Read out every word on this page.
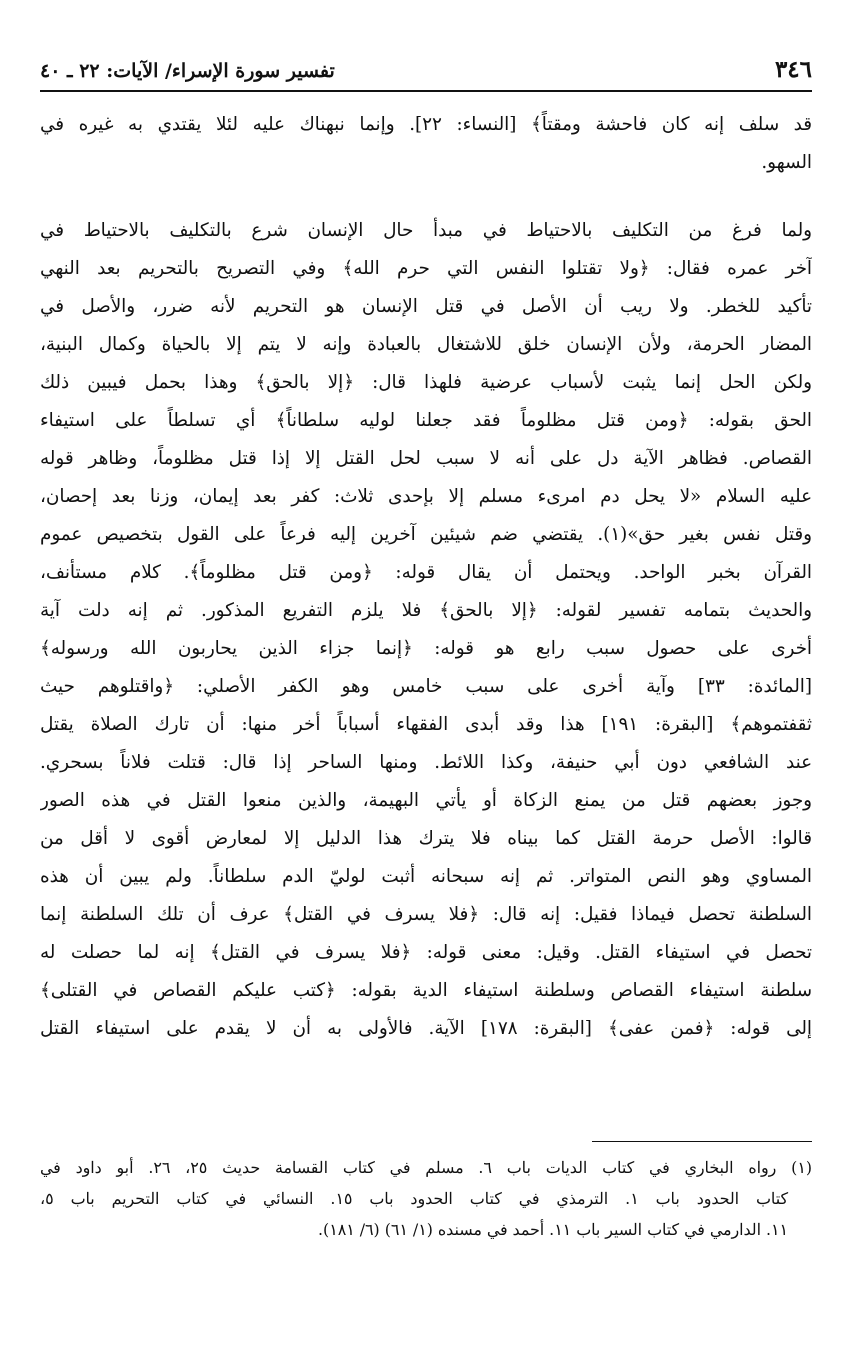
٣٤٦
تفسير سورة الإسراء/ الآيات: ٢٢ ـ ٤٠
قد سلف إنه كان فاحشة ومقتاً﴾ [النساء: ٢٢]. وإنما نبهناك عليه لئلا يقتدي به غيره في
السهو.
ولما فرغ من التكليف بالاحتياط في مبدأ حال الإنسان شرع بالتكليف بالاحتياط في
آخر عمره فقال: ﴿ولا تقتلوا النفس التي حرم الله﴾ وفي التصريح بالتحريم بعد النهي
تأكيد للخطر. ولا ريب أن الأصل في قتل الإنسان هو التحريم لأنه ضرر، والأصل في
المضار الحرمة، ولأن الإنسان خلق للاشتغال بالعبادة وإنه لا يتم إلا بالحياة وكمال البنية،
ولكن الحل إنما يثبت لأسباب عرضية فلهذا قال: ﴿إلا بالحق﴾ وهذا بحمل فيبين ذلك
الحق بقوله: ﴿ومن قتل مظلوماً فقد جعلنا لوليه سلطاناً﴾ أي تسلطاً على استيفاء
القصاص. فظاهر الآية دل على أنه لا سبب لحل القتل إلا إذا قتل مظلوماً، وظاهر قوله
عليه السلام «لا يحل دم امرىء مسلم إلا بإحدى ثلاث: كفر بعد إيمان، وزنا بعد إحصان،
وقتل نفس بغير حق»(١). يقتضي ضم شيئين آخرين إليه فرعاً على القول بتخصيص عموم
القرآن بخبر الواحد. ويحتمل أن يقال قوله: ﴿ومن قتل مظلوماً﴾. كلام مستأنف،
والحديث بتمامه تفسير لقوله: ﴿إلا بالحق﴾ فلا يلزم التفريع المذكور. ثم إنه دلت آية
أخرى على حصول سبب رابع هو قوله: ﴿إنما جزاء الذين يحاربون الله ورسوله﴾
[المائدة: ٣٣] وآية أخرى على سبب خامس وهو الكفر الأصلي: ﴿واقتلوهم حيث
ثقفتموهم﴾ [البقرة: ١٩١] هذا وقد أبدى الفقهاء أسباباً أخر منها: أن تارك الصلاة يقتل
عند الشافعي دون أبي حنيفة، وكذا اللائط. ومنها الساحر إذا قال: قتلت فلاناً بسحري.
وجوز بعضهم قتل من يمنع الزكاة أو يأتي البهيمة، والذين منعوا القتل في هذه الصور
قالوا: الأصل حرمة القتل كما بيناه فلا يترك هذا الدليل إلا لمعارض أقوى لا أقل من
المساوي وهو النص المتواتر. ثم إنه سبحانه أثبت لوليّ الدم سلطاناً. ولم يبين أن هذه
السلطنة تحصل فيماذا فقيل: إنه قال: ﴿فلا يسرف في القتل﴾ عرف أن تلك السلطنة إنما
تحصل في استيفاء القتل. وقيل: معنى قوله: ﴿فلا يسرف في القتل﴾ إنه لما حصلت له
سلطنة استيفاء القصاص وسلطنة استيفاء الدية بقوله: ﴿كتب عليكم القصاص في القتلى﴾
إلى قوله: ﴿فمن عفى﴾ [البقرة: ١٧٨] الآية. فالأولى به أن لا يقدم على استيفاء القتل
(١) رواه البخاري في كتاب الديات باب ٦. مسلم في كتاب القسامة حديث ٢٥، ٢٦. أبو داود في
كتاب الحدود باب ١. الترمذي في كتاب الحدود باب ١٥. النسائي في كتاب التحريم باب ٥،
١١. الدارمي في كتاب السير باب ١١. أحمد في مسنده (١/ ٦١) (٦/ ١٨١).
